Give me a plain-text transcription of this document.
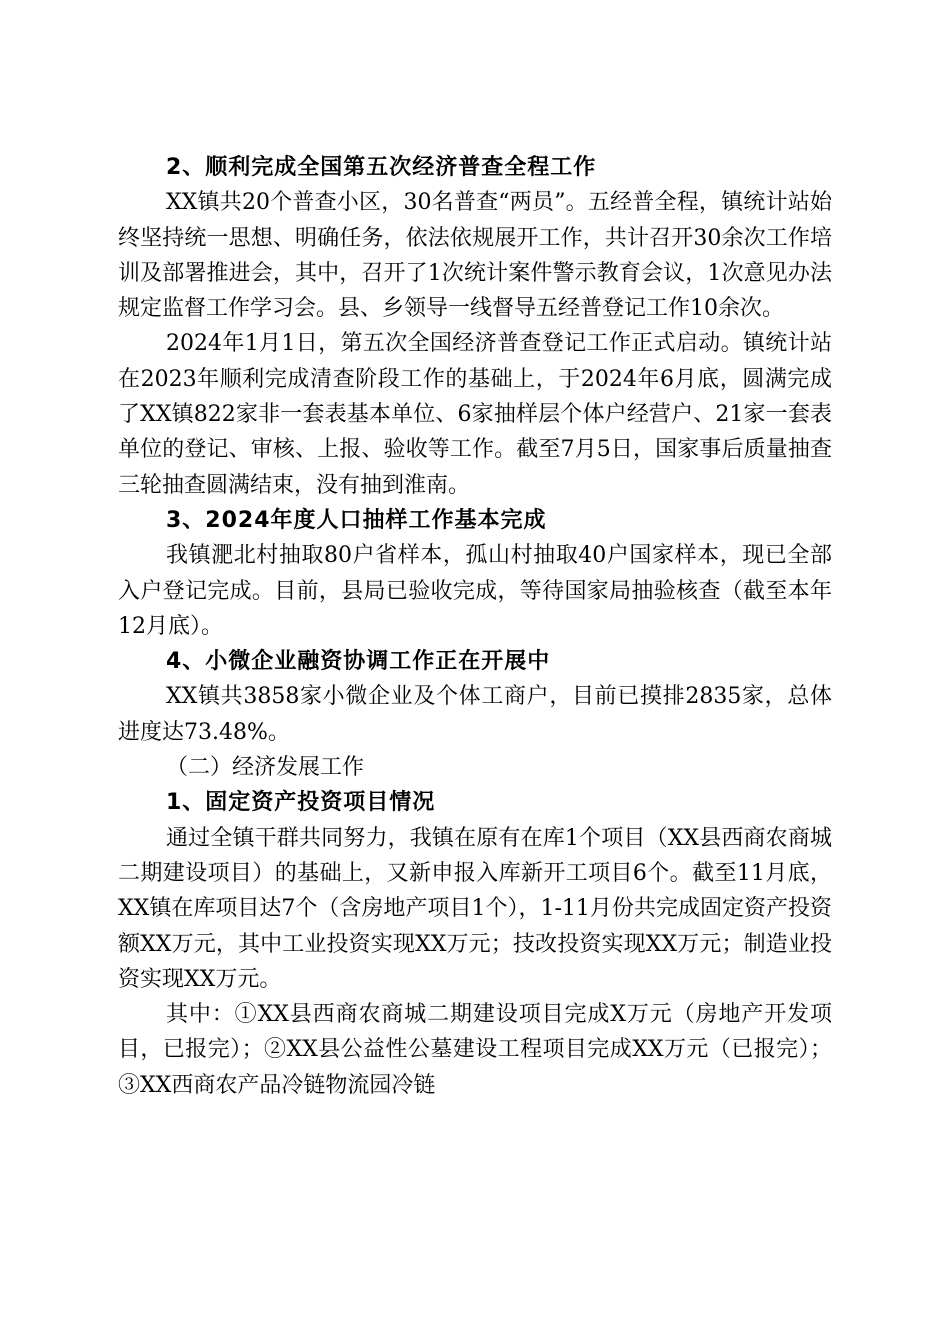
2、顺利完成全国第五次经济普查全程工作

XX镇共20个普查小区，30名普查“两员”。五经普全程，镇统计站始终坚持统一思想、明确任务，依法依规展开工作，共计召开30余次工作培训及部署推进会，其中，召开了1次统计案件警示教育会议，1次意见办法规定监督工作学习会。县、乡领导一线督导五经普登记工作10余次。

2024年1月1日，第五次全国经济普查登记工作正式启动。镇统计站在2023年顺利完成清查阶段工作的基础上，于2024年6月底，圆满完成了XX镇822家非一套表基本单位、6家抽样层个体户经营户、21家一套表单位的登记、审核、上报、验收等工作。截至7月5日，国家事后质量抽查三轮抽查圆满结束，没有抽到淮南。

3、2024年度人口抽样工作基本完成

我镇淝北村抽取80户省样本，孤山村抽取40户国家样本，现已全部入户登记完成。目前，县局已验收完成，等待国家局抽验核查（截至本年12月底）。

4、小微企业融资协调工作正在开展中

XX镇共3858家小微企业及个体工商户，目前已摸排2835家，总体进度达73.48%。

（二）经济发展工作

1、固定资产投资项目情况

通过全镇干群共同努力，我镇在原有在库1个项目（XX县西商农商城二期建设项目）的基础上，又新申报入库新开工项目6个。截至11月底，XX镇在库项目达7个（含房地产项目1个），1-11月份共完成固定资产投资额XX万元，其中工业投资实现XX万元；技改投资实现XX万元；制造业投资实现XX万元。

其中：①XX县西商农商城二期建设项目完成X万元（房地产开发项目，已报完）；②XX县公益性公墓建设工程项目完成XX万元（已报完）；③XX西商农产品冷链物流园冷链
